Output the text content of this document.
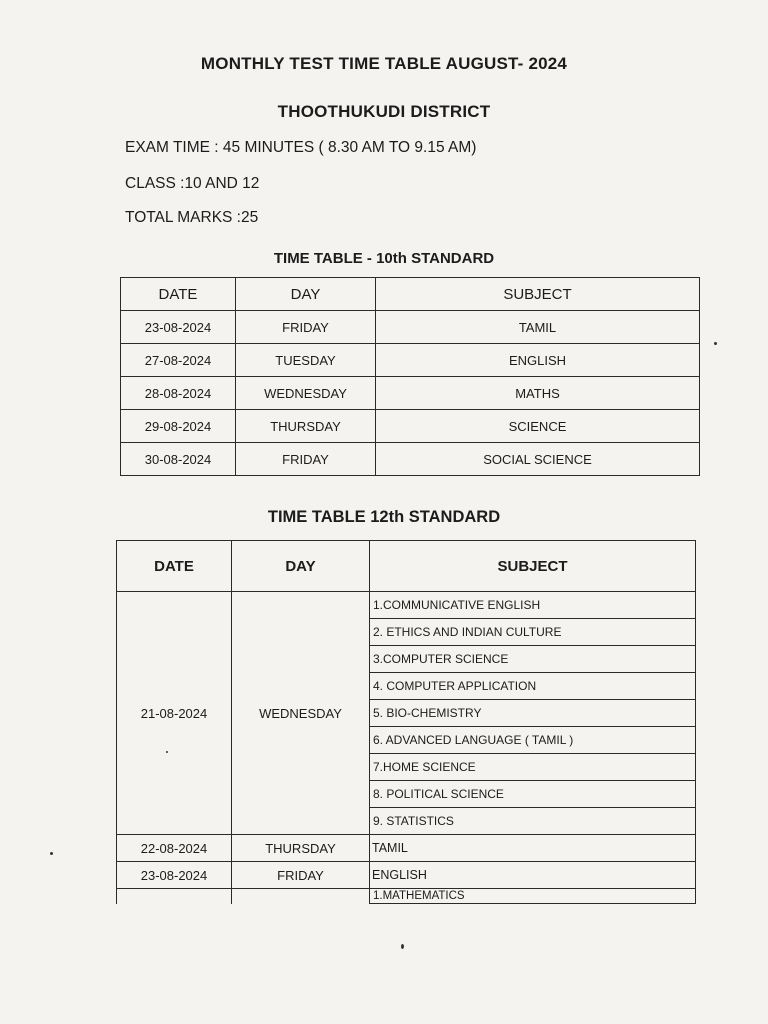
MONTHLY TEST TIME TABLE AUGUST- 2024
THOOTHUKUDI DISTRICT
EXAM TIME : 45 MINUTES ( 8.30 AM TO 9.15 AM)
CLASS :10 AND 12
TOTAL MARKS :25
TIME TABLE - 10th STANDARD
DATE	DAY	SUBJECT
23-08-2024	FRIDAY	TAMIL
27-08-2024	TUESDAY	ENGLISH
28-08-2024	WEDNESDAY	MATHS
29-08-2024	THURSDAY	SCIENCE
30-08-2024	FRIDAY	SOCIAL SCIENCE
TIME TABLE 12th STANDARD
DATE	DAY	SUBJECT
21-08-2024	WEDNESDAY	1.COMMUNICATIVE ENGLISH
		2. ETHICS AND INDIAN CULTURE
		3.COMPUTER SCIENCE
		4. COMPUTER APPLICATION
		5. BIO-CHEMISTRY
		6. ADVANCED LANGUAGE ( TAMIL )
		7.HOME SCIENCE
		8. POLITICAL SCIENCE
		9. STATISTICS
22-08-2024	THURSDAY	TAMIL
23-08-2024	FRIDAY	ENGLISH
		1.MATHEMATICS
